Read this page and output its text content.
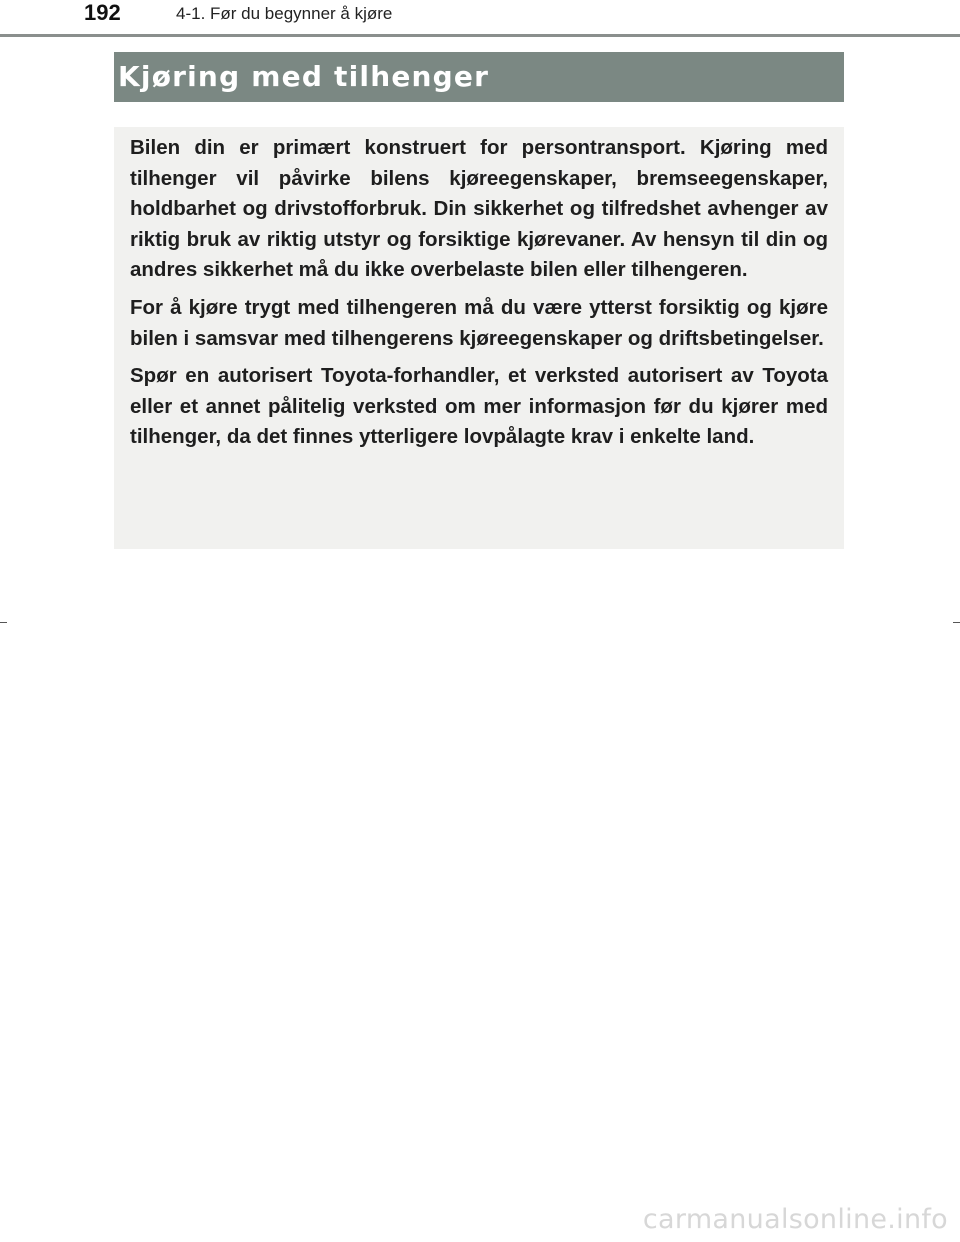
192	4-1. Før du begynner å kjøre
Kjøring med tilhenger

Bilen din er primært konstruert for persontransport. Kjøring med tilhenger vil påvirke bilens kjøreegenskaper, bremseegenskaper, holdbarhet og drivstofforbruk. Din sikkerhet og tilfredshet avhenger av riktig bruk av riktig utstyr og forsiktige kjørevaner. Av hensyn til din og andres sikkerhet må du ikke overbelaste bilen eller tilhengeren.

For å kjøre trygt med tilhengeren må du være ytterst forsiktig og kjøre bilen i samsvar med tilhengerens kjøreegenskaper og driftsbetingelser.

Spør en autorisert Toyota-forhandler, et verksted autorisert av Toyota eller et annet pålitelig verksted om mer informasjon før du kjører med tilhenger, da det finnes ytterligere lovpålagte krav i enkelte land.

carmanualsonline.info
